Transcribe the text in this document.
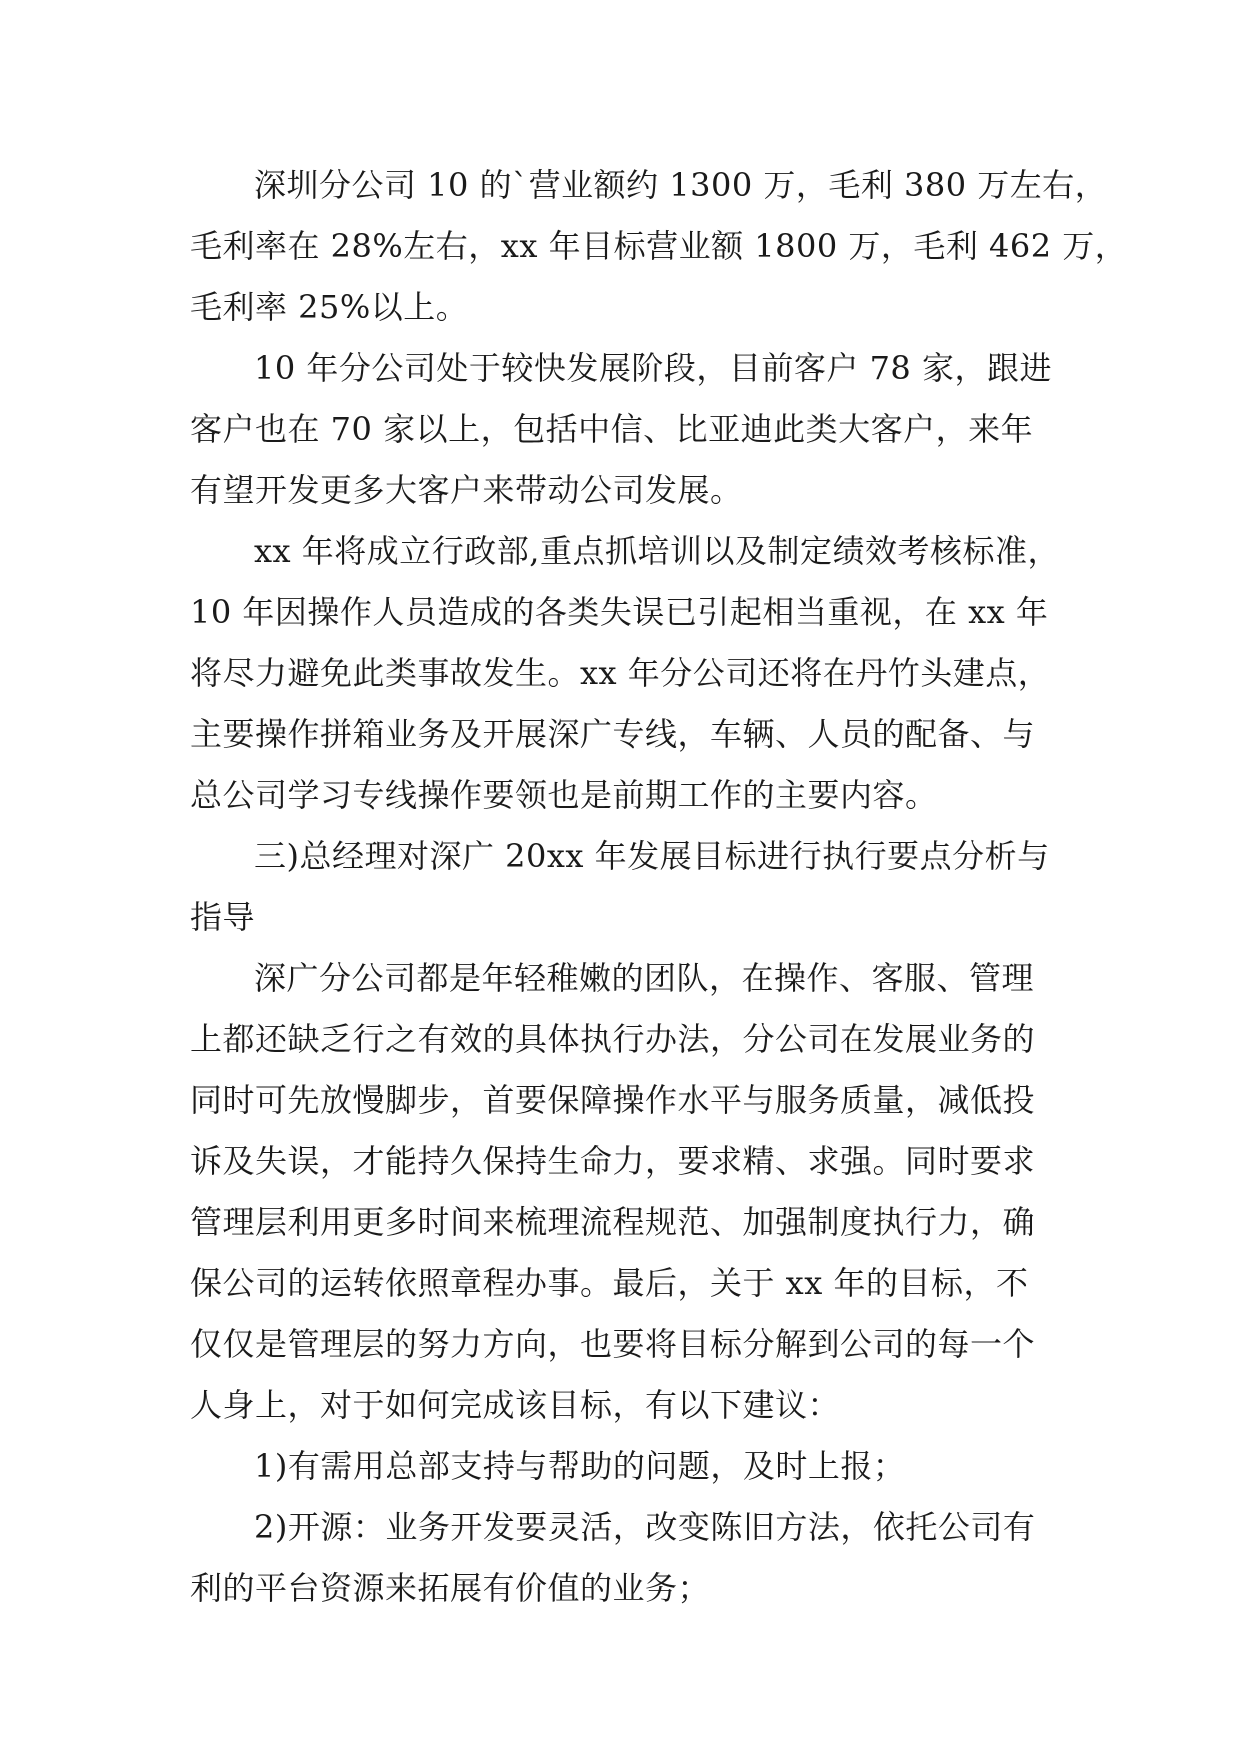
深圳分公司 10 的`营业额约 1300 万，毛利 380 万左右，
毛利率在 28%左右，xx 年目标营业额 1800 万，毛利 462 万，
毛利率 25%以上。
10 年分公司处于较快发展阶段，目前客户 78 家，跟进
客户也在 70 家以上，包括中信、比亚迪此类大客户，来年
有望开发更多大客户来带动公司发展。
xx 年将成立行政部,重点抓培训以及制定绩效考核标准，
10 年因操作人员造成的各类失误已引起相当重视，在 xx 年
将尽力避免此类事故发生。xx 年分公司还将在丹竹头建点，
主要操作拼箱业务及开展深广专线，车辆、人员的配备、与
总公司学习专线操作要领也是前期工作的主要内容。
三)总经理对深广 20xx 年发展目标进行执行要点分析与
指导
深广分公司都是年轻稚嫩的团队，在操作、客服、管理
上都还缺乏行之有效的具体执行办法，分公司在发展业务的
同时可先放慢脚步，首要保障操作水平与服务质量，减低投
诉及失误，才能持久保持生命力，要求精、求强。同时要求
管理层利用更多时间来梳理流程规范、加强制度执行力，确
保公司的运转依照章程办事。最后，关于 xx 年的目标，不
仅仅是管理层的努力方向，也要将目标分解到公司的每一个
人身上，对于如何完成该目标，有以下建议：
1)有需用总部支持与帮助的问题，及时上报；
2)开源：业务开发要灵活，改变陈旧方法，依托公司有
利的平台资源来拓展有价值的业务；
